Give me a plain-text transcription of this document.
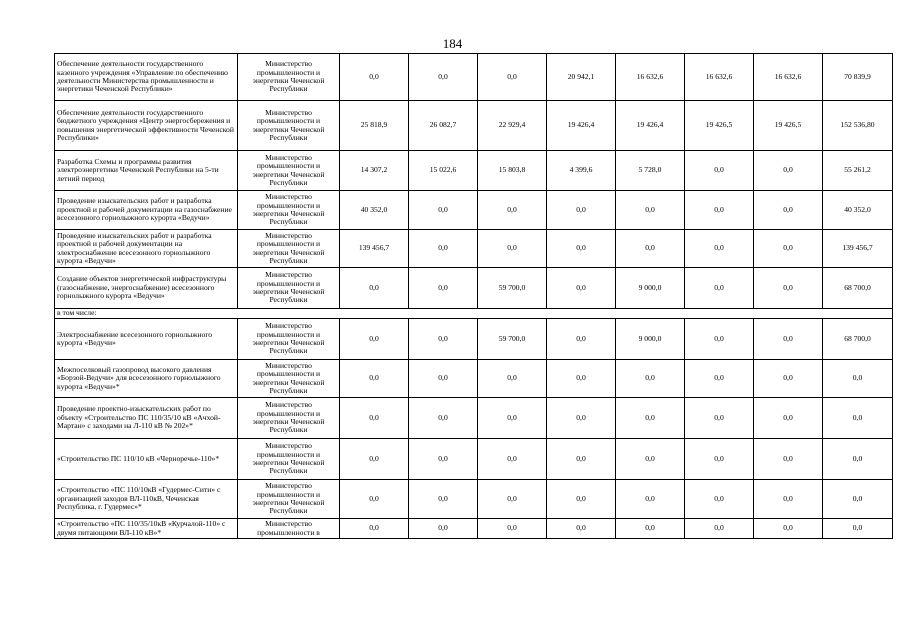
184
Обеспечение деятельности государственного казенного учреждения «Управление по обеспечению деятельности Министерства промышленности и энергетики Чеченской Республики»	Министерство промышленности и энергетики Чеченской Республики	0,0	0,0	0,0	20 942,1	16 632,6	16 632,6	16 632,6	70 839,9
Обеспечение деятельности государственного бюджетного учреждения «Центр энергосбережения и повышения энергетической эффективности Чеченской Республики»	Министерство промышленности и энергетики Чеченской Республики	25 818,9	26 082,7	22 929,4	19 426,4	19 426,4	19 426,5	19 426,5	152 536,80
Разработка Схемы и программы развития электроэнергетики Чеченской Республики на 5-ти летний период	Министерство промышленности и энергетики Чеченской Республики	14 307,2	15 022,6	15 803,8	4 399,6	5 728,0	0,0	0,0	55 261,2
Проведение изыскательских работ и разработка проектной и рабочей документации на газоснабжение всесезонного горнолыжного курорта «Ведучи»	Министерство промышленности и энергетики Чеченской Республики	40 352,0	0,0	0,0	0,0	0,0	0,0	0,0	40 352,0
Проведение изыскательских работ и разработка проектной и рабочей документации на электроснабжение всесезонного горнолыжного курорта «Ведучи»	Министерство промышленности и энергетики Чеченской Республики	139 456,7	0,0	0,0	0,0	0,0	0,0	0,0	139 456,7
Создание объектов энергетической инфраструктуры (газоснабжение, энергоснабжение) всесезонного горнолыжного курорта «Ведучи»	Министерство промышленности и энергетики Чеченской Республики	0,0	0,0	59 700,0	0,0	9 000,0	0,0	0,0	68 700,0
в том числе:									
Электроснабжение всесезонного горнолыжного курорта «Ведучи»	Министерство промышленности и энергетики Чеченской Республики	0,0	0,0	59 700,0	0,0	9 000,0	0,0	0,0	68 700,0
Межпоселковый газопровод высокого давления «Борзой-Ведучи» для всесезонного горнолыжного курорта «Ведучи»*	Министерство промышленности и энергетики Чеченской Республики	0,0	0,0	0,0	0,0	0,0	0,0	0,0	0,0
Проведение проектно-изыскательских работ по объекту «Строительство ПС 110/35/10 кВ «Ачхой-Мартан» с заходами на Л-110 кВ № 202»*	Министерство промышленности и энергетики Чеченской Республики	0,0	0,0	0,0	0,0	0,0	0,0	0,0	0,0
«Строительство ПС 110/10 кВ «Черноречье-110»*	Министерство промышленности и энергетики Чеченской Республики	0,0	0,0	0,0	0,0	0,0	0,0	0,0	0,0
«Строительство «ПС 110/10кВ «Гудермес-Сити» с организацией заходов ВЛ-110кВ, Чеченская Республика, г. Гудермес»*	Министерство промышленности и энергетики Чеченской Республики	0,0	0,0	0,0	0,0	0,0	0,0	0,0	0,0
«Строительство «ПС 110/35/10кВ «Курчалой-110» с двумя питающими ВЛ-110 кВ»*	Министерство промышленности в	0,0	0,0	0,0	0,0	0,0	0,0	0,0	0,0
